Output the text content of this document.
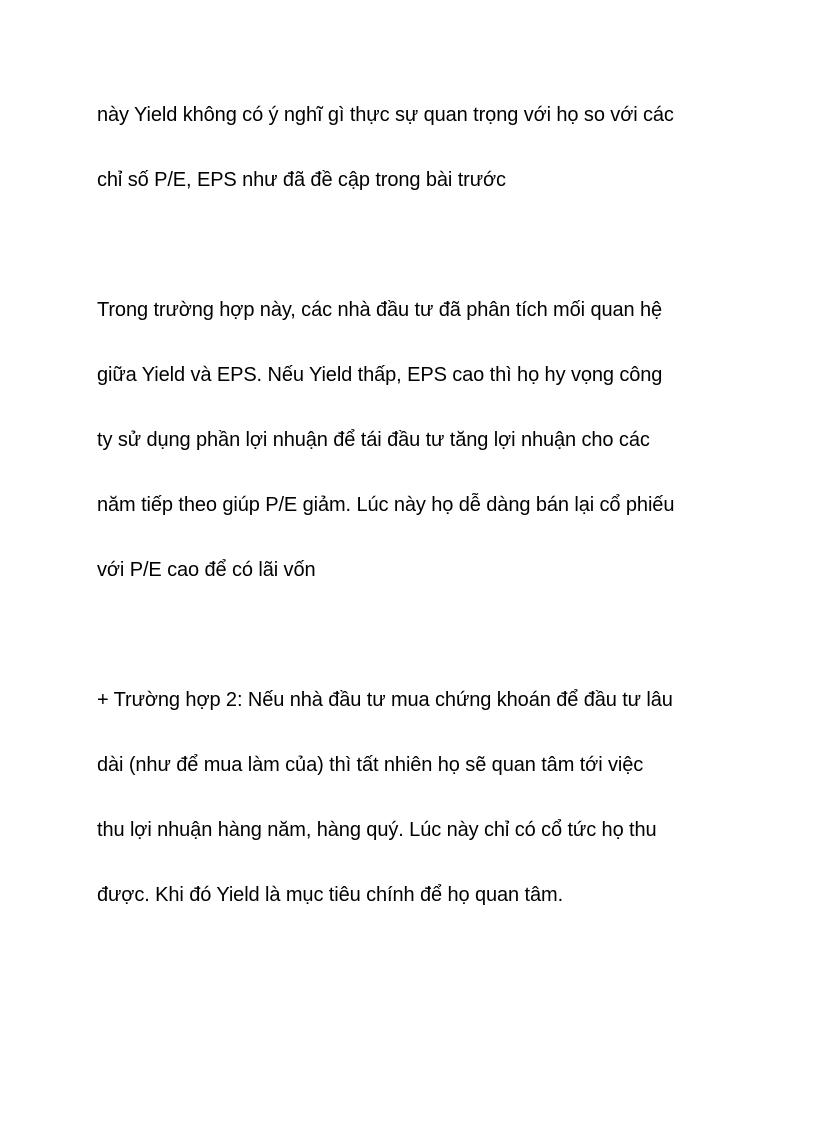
này Yield không có ý nghĩ gì thực sự quan trọng với họ so với các
chỉ số P/E, EPS như đã đề cập trong bài trước
Trong trường hợp này, các nhà đầu tư đã phân tích mối quan hệ
giữa Yield và EPS. Nếu Yield thấp, EPS cao thì họ hy vọng công
ty sử dụng phần lợi nhuận để tái đầu tư tăng lợi nhuận cho các
năm tiếp theo giúp P/E giảm. Lúc này họ dễ dàng bán lại cổ phiếu
với P/E cao để có lãi vốn
+ Trường hợp 2: Nếu nhà đầu tư mua chứng khoán để đầu tư lâu
dài (như để mua làm của) thì tất nhiên họ sẽ quan tâm tới việc
thu lợi nhuận hàng năm, hàng quý. Lúc này chỉ có cổ tức họ thu
được. Khi đó Yield là mục tiêu chính để họ quan tâm.
